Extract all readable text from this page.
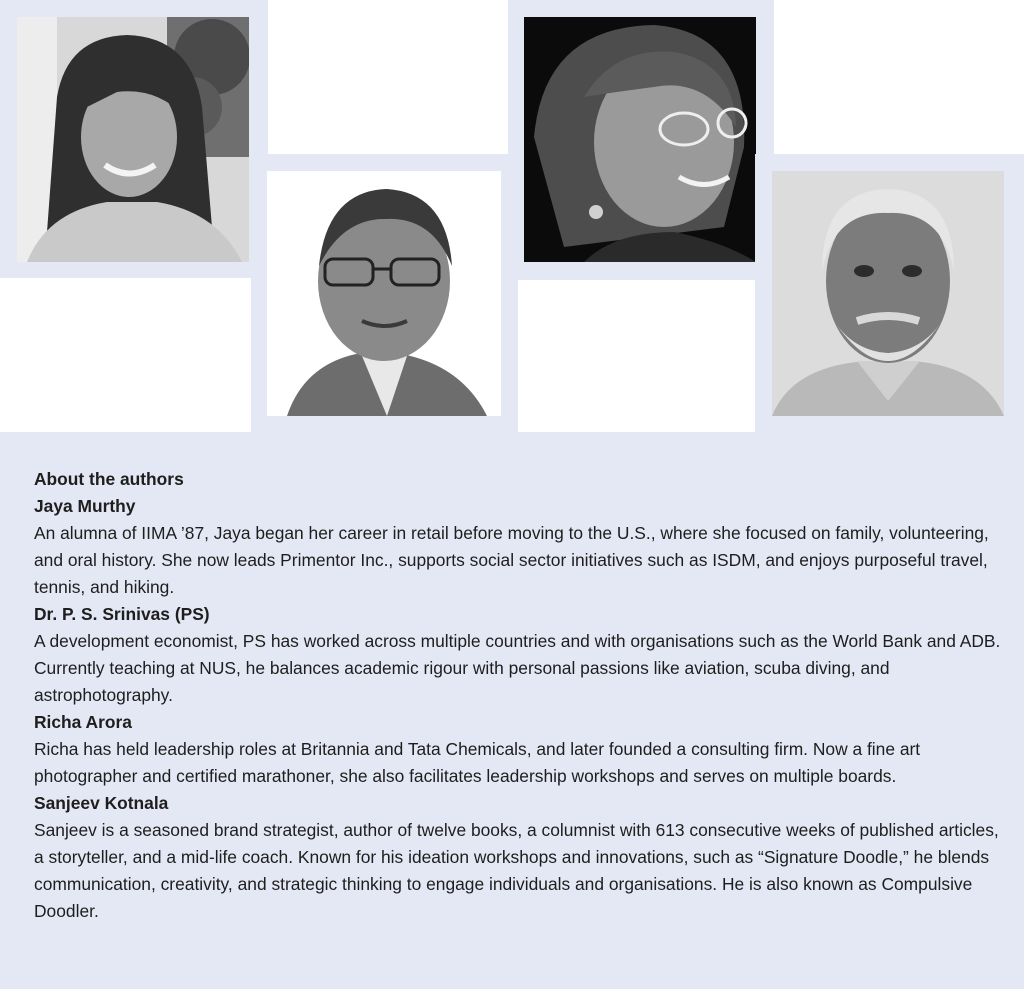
About the authors
Jaya Murthy
An alumna of IIMA ’87, Jaya began her career in retail before moving to the U.S., where she focused on family, volunteering, and oral history. She now leads Primentor Inc., supports social sector initiatives such as ISDM, and enjoys purposeful travel, tennis, and hiking.
Dr. P. S. Srinivas (PS)
A development economist, PS has worked across multiple countries and with organisations such as the World Bank and ADB. Currently teaching at NUS, he balances academic rigour with personal passions like aviation, scuba diving, and astrophotography.
Richa Arora
Richa has held leadership roles at Britannia and Tata Chemicals, and later founded a consulting firm. Now a fine art photographer and certified marathoner, she also facilitates leadership workshops and serves on multiple boards.
Sanjeev Kotnala
Sanjeev is a seasoned brand strategist, author of twelve books, a columnist with 613 consecutive weeks of published articles, a storyteller, and a mid-life coach. Known for his ideation workshops and innovations, such as “Signature Doodle,” he blends communication, creativity, and strategic thinking to engage individuals and organisations. He is also known as Compulsive Doodler.
